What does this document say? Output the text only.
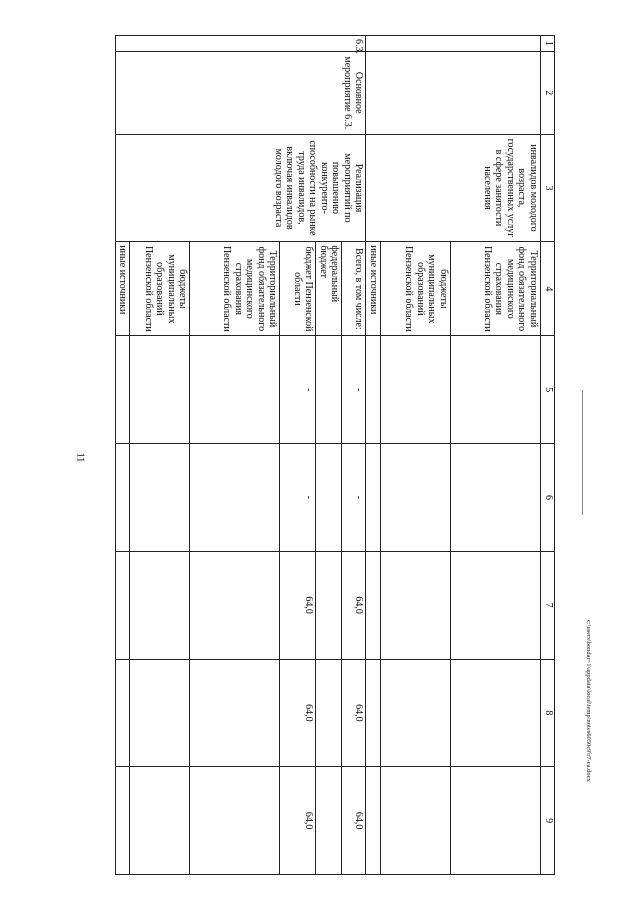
11
c:\users\bondar~1\appdata\local\temp\notes6050e9\r7-ca.docx
1	2	3	4	5	6	7	8	9
		инвалидов молодого возраста, государственных услуг в сфере занятости населения	Территориальный фонд обязательного медицинского страхования Пензенской области					
			бюджеты муниципальных образований Пензенской области					
			иные источники					
6.3.	Основное мероприятие 6.3.	Реализация мероприятий по повышению конкуренто-способности на рынке труда инвалидов, включая инвалидов молодого возраста	Всего, в том числе:	-	-	64,0	64,0	64,0
			федеральный бюджет					
			бюджет Пензенской области	-	-	64,0	64,0	64,0
			Территориальный фонд обязательного медицинского страхования Пензенской области					
			бюджеты муниципальных образований Пензенской области					
			иные источники					
